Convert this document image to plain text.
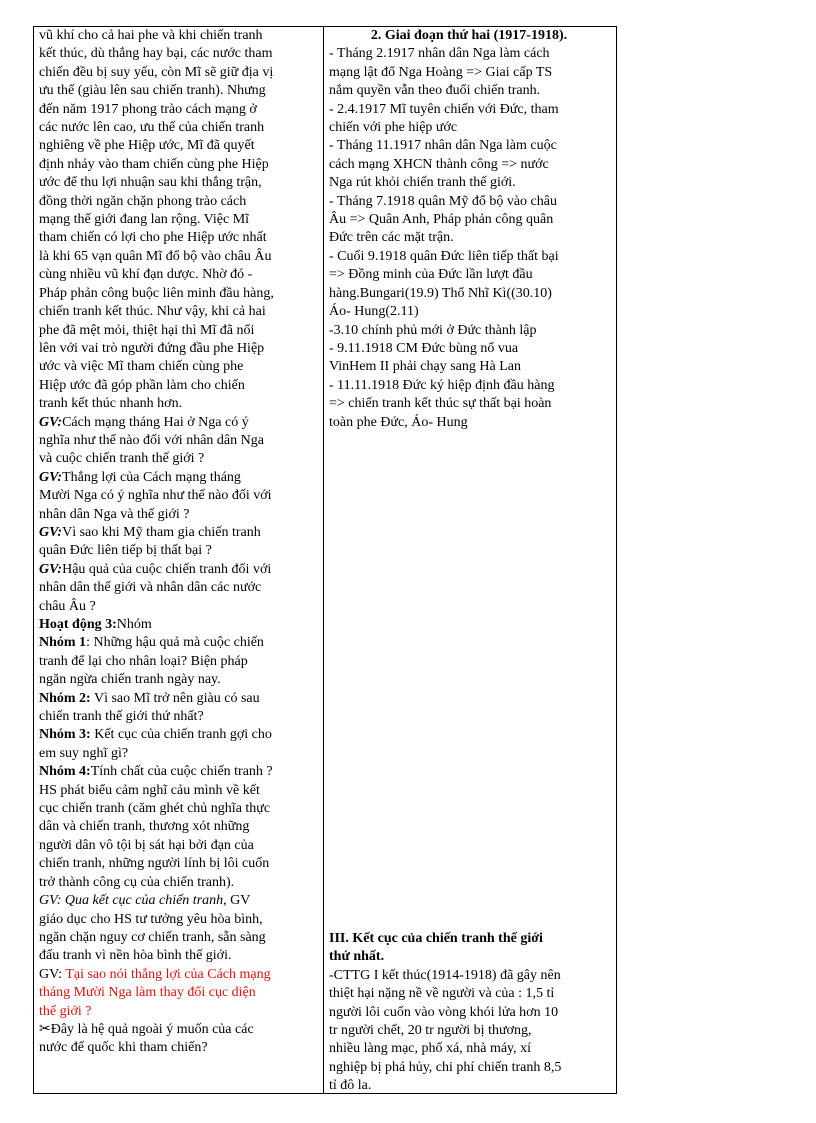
vũ khí cho cả hai phe và khi chiến tranh
kết thúc, dù thắng hay bại, các nước tham
chiến đều bị suy yếu, còn Mĩ sẽ giữ địa vị
ưu thế (giàu lên sau chiến tranh). Nhưng
đến năm 1917 phong trào cách mạng ở
các nước lên cao, ưu thế của chiến tranh
nghiêng về phe Hiệp ước, Mĩ đã quyết
định nhảy vào tham chiến cùng phe Hiệp
ước để thu lợi nhuận sau khi thắng trận,
đồng thời ngăn chặn phong trào cách
mạng thế giới đang lan rộng. Việc Mĩ
tham chiến có lợi cho phe Hiệp ước nhất
là khi 65 vạn quân Mĩ đổ bộ vào châu Âu
cùng nhiều vũ khí đạn dược. Nhờ đó -
Pháp phản công buộc liên minh đầu hàng,
chiến tranh kết thúc. Như vậy, khi cả hai
phe đã mệt mỏi, thiệt hại thì Mĩ đã nổi
lên với vai trò người đứng đầu phe Hiệp
ước và việc Mĩ tham chiến cùng phe
Hiệp ước đã góp phần làm cho chiến
tranh kết thúc nhanh hơn.
GV:Cách mạng tháng Hai ở Nga có ý
nghĩa như thế nào đối với nhân dân Nga
và cuộc chiến tranh thế giới ?
GV:Thắng lợi của Cách mạng tháng
Mười Nga có ý nghĩa như thế nào đối với
nhân dân Nga và thế giới ?
GV:Vì sao khi Mỹ tham gia chiến tranh
quân Đức liên tiếp bị thất bại ?
GV:Hậu quả của cuộc chiến tranh đối với
nhân dân thế giới và nhân dân các nước
châu Âu ?
Hoạt động 3:Nhóm
Nhóm 1: Những hậu quả mà cuộc chiến
tranh để lại cho nhân loại? Biện pháp
ngăn ngừa chiến tranh ngày nay.
Nhóm 2: Vì sao Mĩ trở nên giàu có sau
chiến tranh thế giới thứ nhất?
Nhóm 3: Kết cục của chiến tranh gợi cho
em suy nghĩ gì?
Nhóm 4:Tính chất của cuộc chiến tranh ?
HS phát biểu cảm nghĩ cảu mình về kết
cục chiến tranh (căm ghét chủ nghĩa thực
dân và chiến tranh, thương xót những
người dân vô tội bị sát hại bởi đạn của
chiến tranh, những người lính bị lôi cuốn
trở thành công cụ của chiến tranh).
GV: Qua kết cục của chiến tranh, GV
giáo dục cho HS tư tưởng yêu hòa bình,
ngăn chặn nguy cơ chiến tranh, sẵn sàng
đấu tranh vì nền hòa bình thế giới.
GV: Tại sao nói thắng lợi của Cách mạng
tháng Mười Nga làm thay đổi cục diện
thế giới ?
✂Đây là hệ quả ngoài ý muốn của các
nước đế quốc khi tham chiến?
2. Giai đoạn thứ hai (1917-1918).
- Tháng 2.1917 nhân dân Nga làm cách
mạng lật đổ Nga Hoàng => Giai cấp TS
nắm quyền vẫn theo đuổi chiến tranh.
- 2.4.1917 Mĩ tuyên chiến với Đức, tham
chiến với phe hiệp ước
- Tháng 11.1917 nhân dân Nga làm cuộc
cách mạng XHCN thành công => nước
Nga rút khỏi chiến tranh thế giới.
- Tháng 7.1918 quân Mỹ đổ bộ vào châu
Âu => Quân Anh, Pháp phản công quân
Đức trên các mặt trận.
- Cuối 9.1918 quân Đức liên tiếp thất bại
=> Đồng minh của Đức lần lượt đầu
hàng.Bungari(19.9) Thổ Nhĩ Kì((30.10)
Áo- Hung(2.11)
-3.10 chính phủ mới ở Đức thành lập
- 9.11.1918 CM Đức bùng nổ vua
VinHem II phải chạy sang Hà Lan
- 11.11.1918 Đức ký hiệp định đầu hàng
=> chiến tranh kết thúc sự thất bại hoàn
toàn phe Đức, Áo- Hung
III. Kết cục của chiến tranh thế giới
thứ nhất.
-CTTG I kết thúc(1914-1918) đã gây nên
thiệt hại nặng nề về người và của : 1,5 tỉ
người lôi cuốn vào vòng khói lửa hơn 10
tr người chết, 20 tr người bị thương,
nhiều làng mạc, phố xá, nhà máy, xí
nghiệp bị phá hủy, chi phí chiến tranh 8,5
tỉ đô la.
